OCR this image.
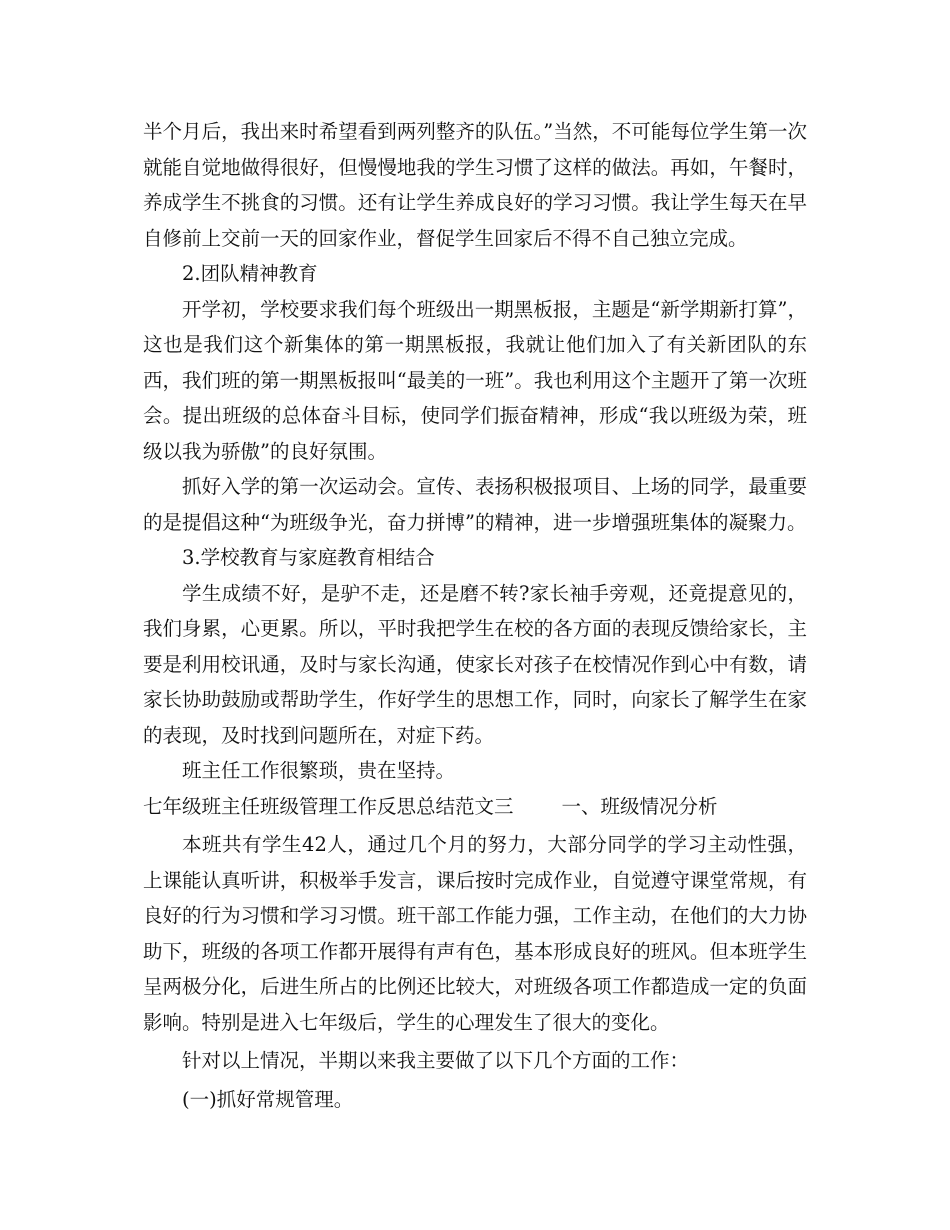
半个月后，我出来时希望看到两列整齐的队伍。”当然，不可能每位学生第一次就能自觉地做得很好，但慢慢地我的学生习惯了这样的做法。再如，午餐时，养成学生不挑食的习惯。还有让学生养成良好的学习习惯。我让学生每天在早自修前上交前一天的回家作业，督促学生回家后不得不自己独立完成。

2.团队精神教育

开学初，学校要求我们每个班级出一期黑板报，主题是“新学期新打算”，这也是我们这个新集体的第一期黑板报，我就让他们加入了有关新团队的东西，我们班的第一期黑板报叫“最美的一班”。我也利用这个主题开了第一次班会。提出班级的总体奋斗目标，使同学们振奋精神，形成“我以班级为荣，班级以我为骄傲”的良好氛围。

抓好入学的第一次运动会。宣传、表扬积极报项目、上场的同学，最重要的是提倡这种“为班级争光，奋力拼博”的精神，进一步增强班集体的凝聚力。

3.学校教育与家庭教育相结合

学生成绩不好，是驴不走，还是磨不转?家长袖手旁观，还竟提意见的，我们身累，心更累。所以，平时我把学生在校的各方面的表现反馈给家长，主要是利用校讯通，及时与家长沟通，使家长对孩子在校情况作到心中有数，请家长协助鼓励或帮助学生，作好学生的思想工作，同时，向家长了解学生在家的表现，及时找到问题所在，对症下药。

班主任工作很繁琐，贵在坚持。

七年级班主任班级管理工作反思总结范文三 一、班级情况分析

本班共有学生42人，通过几个月的努力，大部分同学的学习主动性强，上课能认真听讲，积极举手发言，课后按时完成作业，自觉遵守课堂常规，有良好的行为习惯和学习习惯。班干部工作能力强，工作主动，在他们的大力协助下，班级的各项工作都开展得有声有色，基本形成良好的班风。但本班学生呈两极分化，后进生所占的比例还比较大，对班级各项工作都造成一定的负面影响。特别是进入七年级后，学生的心理发生了很大的变化。

针对以上情况，半期以来我主要做了以下几个方面的工作：

(一)抓好常规管理。
